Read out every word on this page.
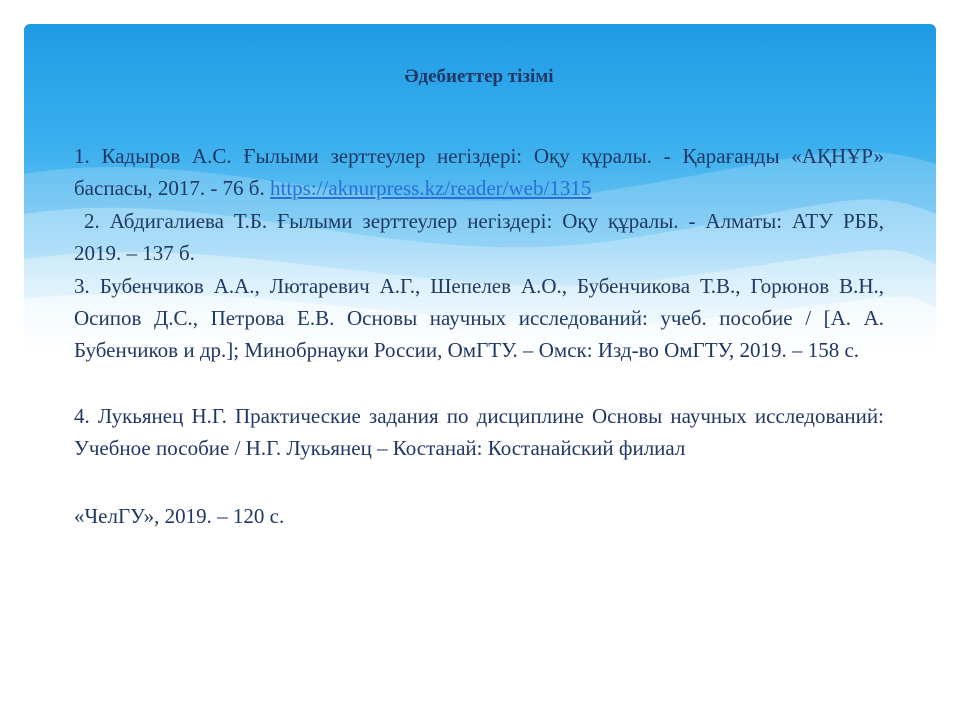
Әдебиеттер тізімі
1. Кадыров А.С. Ғылыми зерттеулер негіздері: Оқу құралы. - Қарағанды «АҚНҰР» баспасы, 2017. - 76 б. https://aknurpress.kz/reader/web/1315
2. Абдигалиева Т.Б. Ғылыми зерттеулер негіздері: Оқу құралы. - Алматы: АТУ РББ, 2019. – 137 б.
3. Бубенчиков А.А., Лютаревич А.Г., Шепелев А.О., Бубенчикова Т.В., Горюнов В.Н., Осипов Д.С., Петрова Е.В. Основы научных исследований: учеб. пособие / [А. А. Бубенчиков и др.]; Минобрнауки России, ОмГТУ. – Омск: Изд-во ОмГТУ, 2019. – 158 с.
4. Лукьянец Н.Г. Практические задания по дисциплине Основы научных исследований: Учебное пособие / Н.Г. Лукьянец – Костанай: Костанайский филиал
«ЧелГУ», 2019. – 120 с.
